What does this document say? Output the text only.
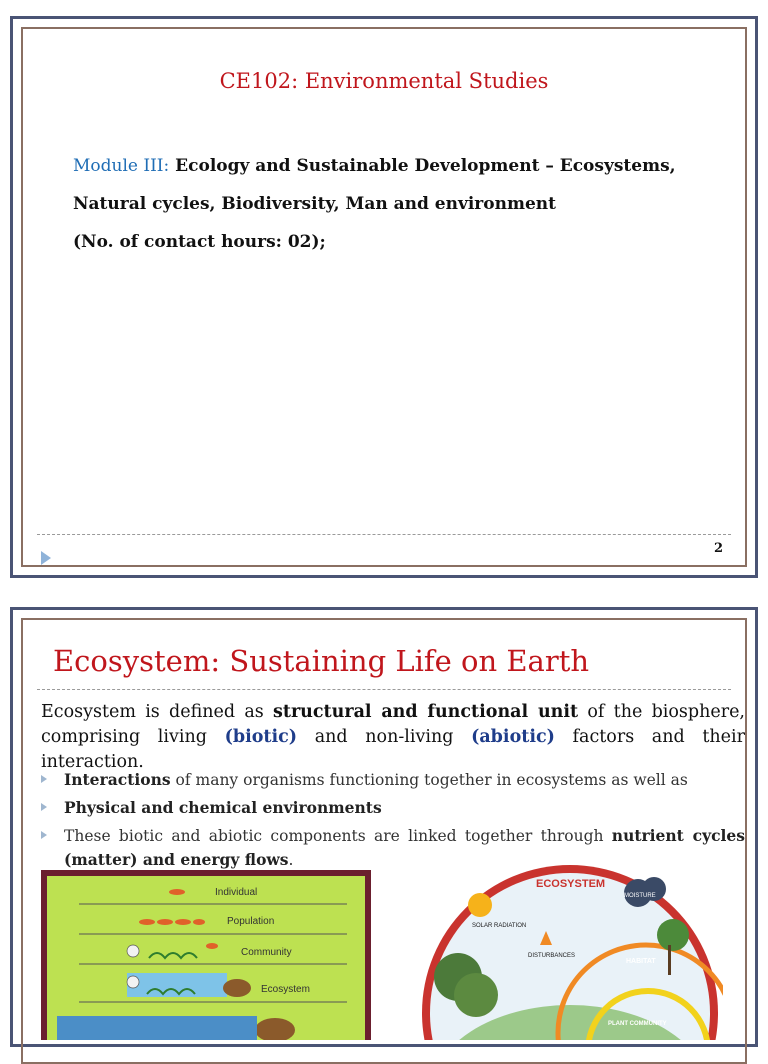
CE102: Environmental Studies
Module III: Ecology and Sustainable Development – Ecosystems,
Natural cycles, Biodiversity, Man and environment
(No. of contact hours: 02);
2
Ecosystem: Sustaining Life on Earth
Ecosystem is defined as structural and functional unit of the biosphere, comprising living (biotic) and non-living (abiotic) factors and their interaction.
Interactions of many organisms functioning together in ecosystems as well as
Physical and chemical environments
These biotic and abiotic components are linked together through nutrient cycles (matter) and energy flows.
Individual
Population
Community
Ecosystem
ECOSYSTEM
SOLAR RADIATION
MOISTURE
DISTURBANCES
HABITAT
PLANT COMMUNITY
